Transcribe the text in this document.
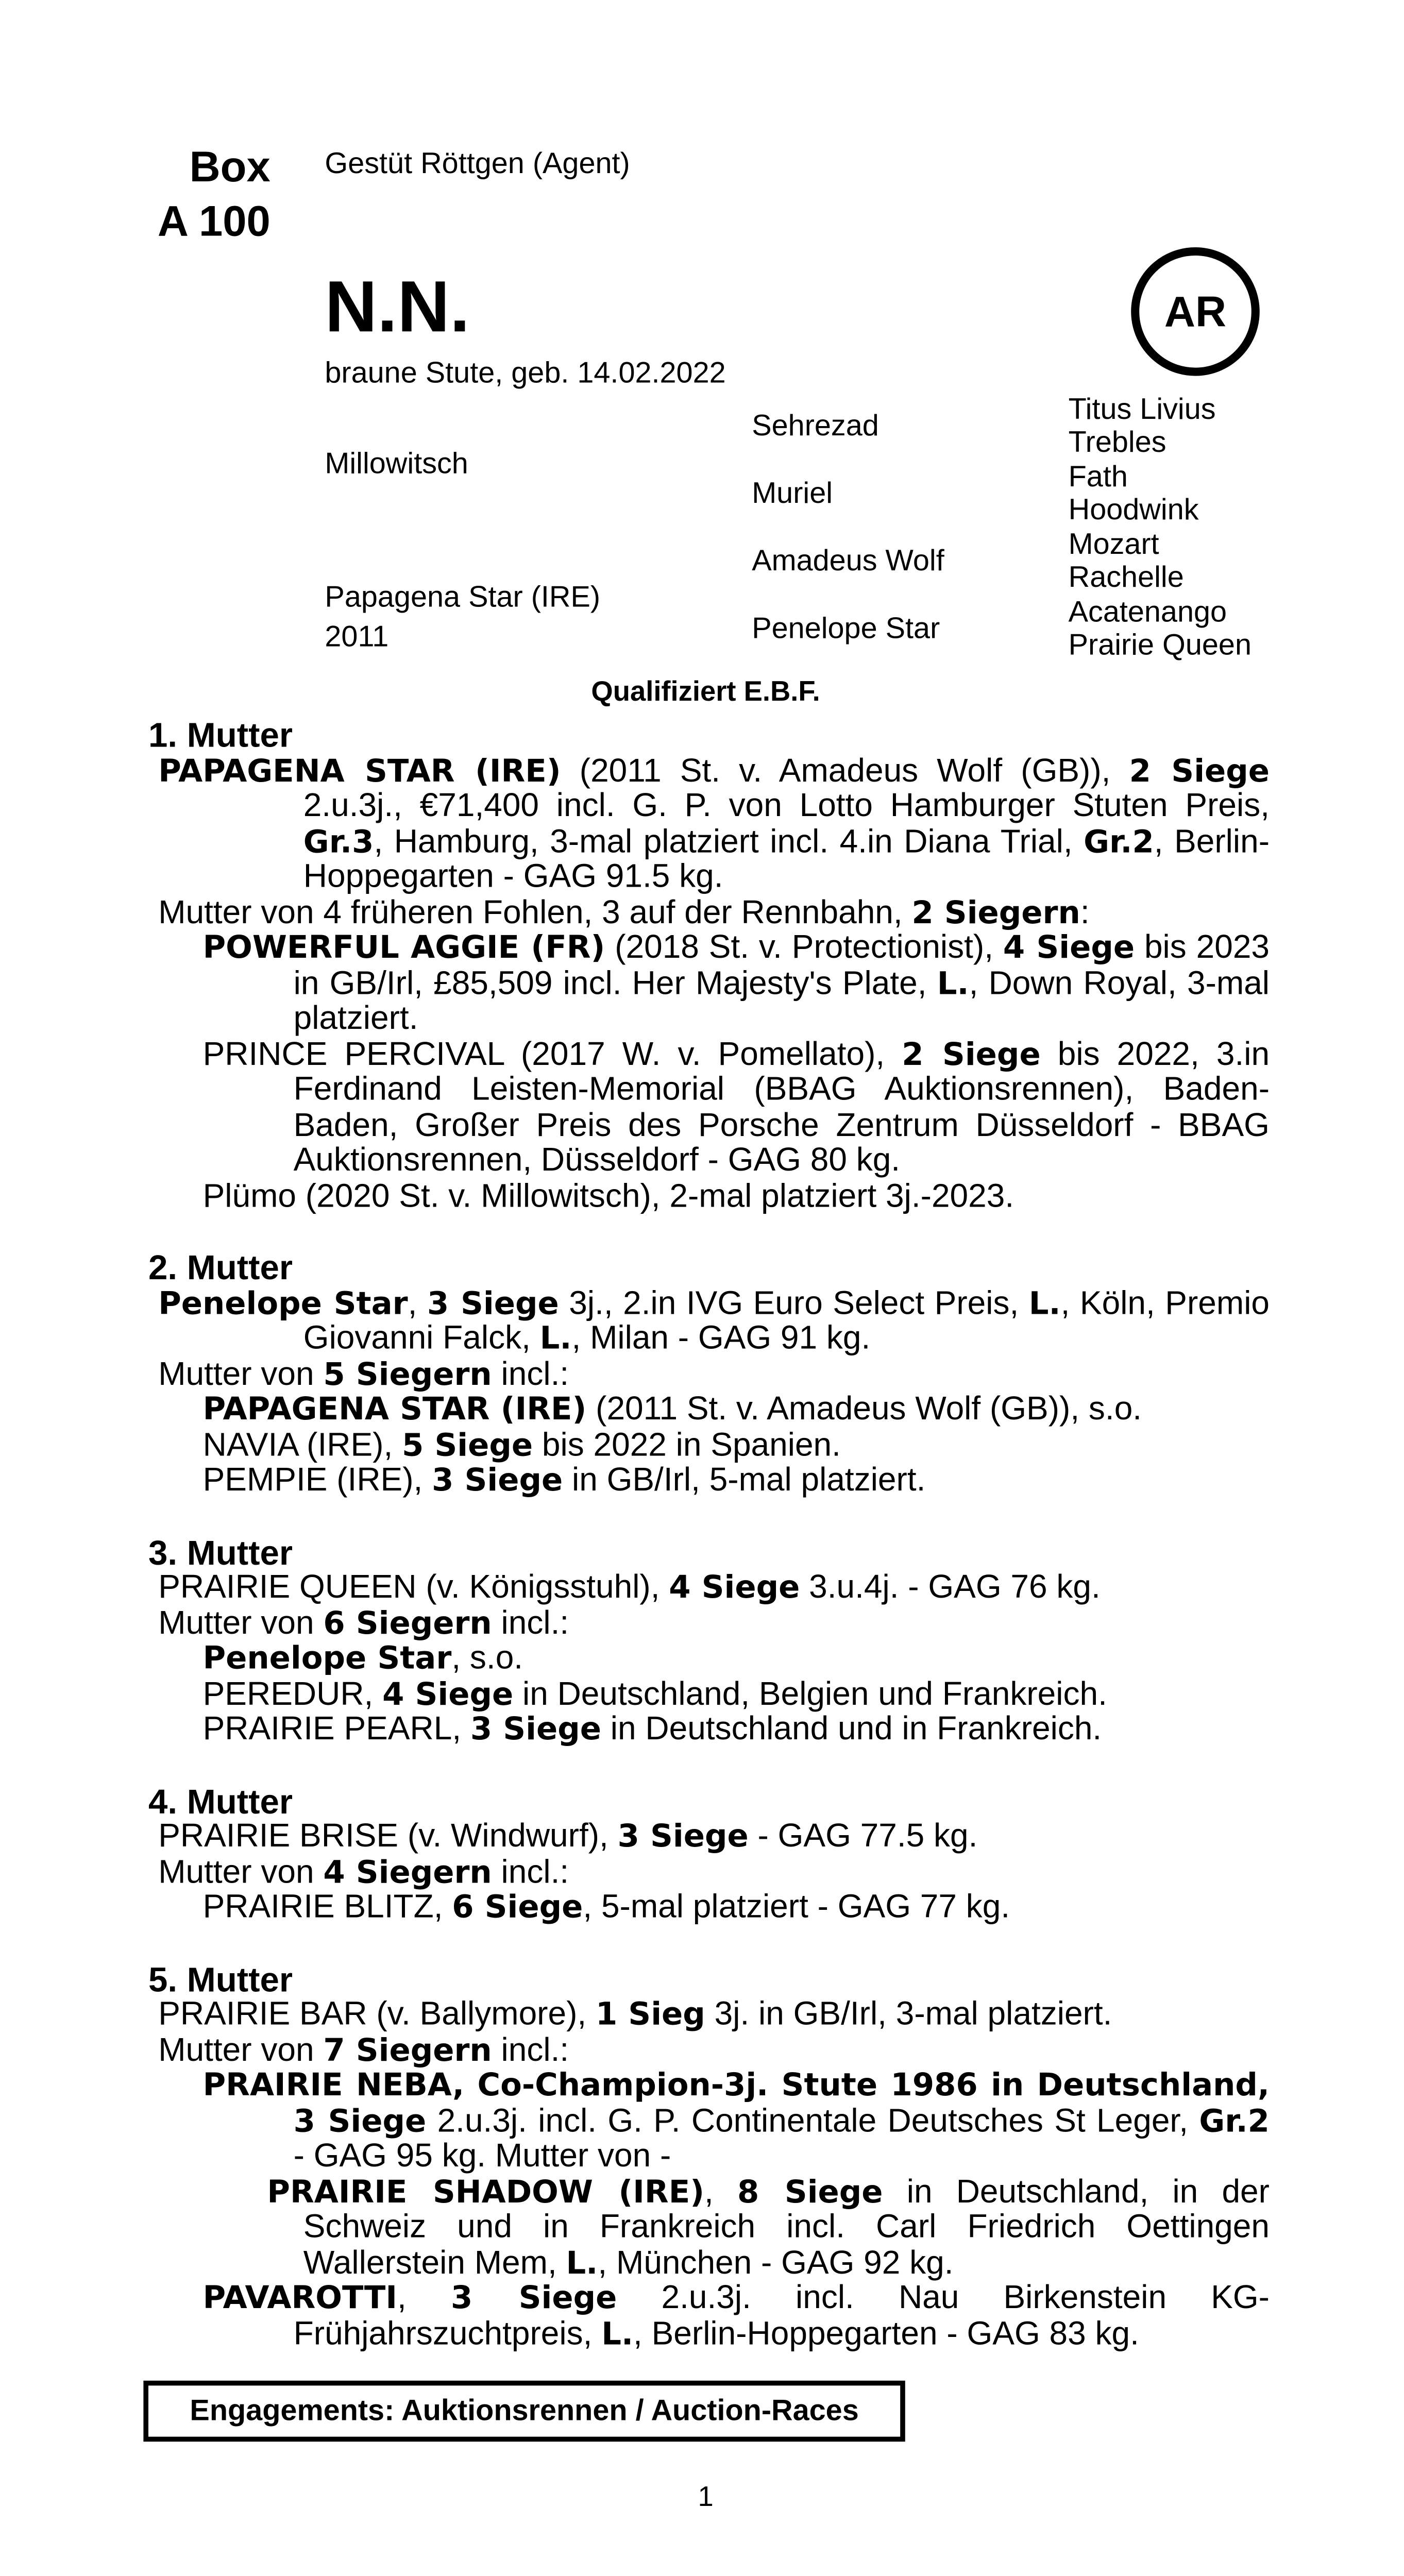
Box
A 100
Gestüt Röttgen (Agent)
AR
N.N.
braune Stute, geb. 14.02.2022
Millowitsch
Papagena Star (IRE)
2011
Sehrezad
Muriel
Amadeus Wolf
Penelope Star
Titus Livius
Trebles
Fath
Hoodwink
Mozart
Rachelle
Acatenango
Prairie Queen
Qualifiziert E.B.F.
1. Mutter
PAPAGENA STAR (IRE) (2011 St. v. Amadeus Wolf (GB)), 2 Siege 2.u.3j., €71,400 incl. G. P. von Lotto Hamburger Stuten Preis, Gr.3, Hamburg, 3-mal platziert incl. 4.in Diana Trial, Gr.2, Berlin-Hoppegarten - GAG 91.5 kg.
Mutter von 4 früheren Fohlen, 3 auf der Rennbahn, 2 Siegern:
POWERFUL AGGIE (FR) (2018 St. v. Protectionist), 4 Siege bis 2023 in GB/Irl, £85,509 incl. Her Majesty's Plate, L., Down Royal, 3-mal platziert.
PRINCE PERCIVAL (2017 W. v. Pomellato), 2 Siege bis 2022, 3.in Ferdinand Leisten-Memorial (BBAG Auktionsrennen), Baden-Baden, Großer Preis des Porsche Zentrum Düsseldorf - BBAG Auktionsrennen, Düsseldorf - GAG 80 kg.
Plümo (2020 St. v. Millowitsch), 2-mal platziert 3j.-2023.
2. Mutter
Penelope Star, 3 Siege 3j., 2.in IVG Euro Select Preis, L., Köln, Premio Giovanni Falck, L., Milan - GAG 91 kg.
Mutter von 5 Siegern incl.:
PAPAGENA STAR (IRE) (2011 St. v. Amadeus Wolf (GB)), s.o.
NAVIA (IRE), 5 Siege bis 2022 in Spanien.
PEMPIE (IRE), 3 Siege in GB/Irl, 5-mal platziert.
3. Mutter
PRAIRIE QUEEN (v. Königsstuhl), 4 Siege 3.u.4j. - GAG 76 kg.
Mutter von 6 Siegern incl.:
Penelope Star, s.o.
PEREDUR, 4 Siege in Deutschland, Belgien und Frankreich.
PRAIRIE PEARL, 3 Siege in Deutschland und in Frankreich.
4. Mutter
PRAIRIE BRISE (v. Windwurf), 3 Siege - GAG 77.5 kg.
Mutter von 4 Siegern incl.:
PRAIRIE BLITZ, 6 Siege, 5-mal platziert - GAG 77 kg.
5. Mutter
PRAIRIE BAR (v. Ballymore), 1 Sieg 3j. in GB/Irl, 3-mal platziert.
Mutter von 7 Siegern incl.:
PRAIRIE NEBA, Co-Champion-3j. Stute 1986 in Deutschland, 3 Siege 2.u.3j. incl. G. P. Continentale Deutsches St Leger, Gr.2 - GAG 95 kg. Mutter von -
PRAIRIE SHADOW (IRE), 8 Siege in Deutschland, in der Schweiz und in Frankreich incl. Carl Friedrich Oettingen Wallerstein Mem, L., München - GAG 92 kg.
PAVAROTTI, 3 Siege 2.u.3j. incl. Nau Birkenstein KG-Frühjahrszuchtpreis, L., Berlin-Hoppegarten - GAG 83 kg.
Engagements: Auktionsrennen / Auction-Races
1
